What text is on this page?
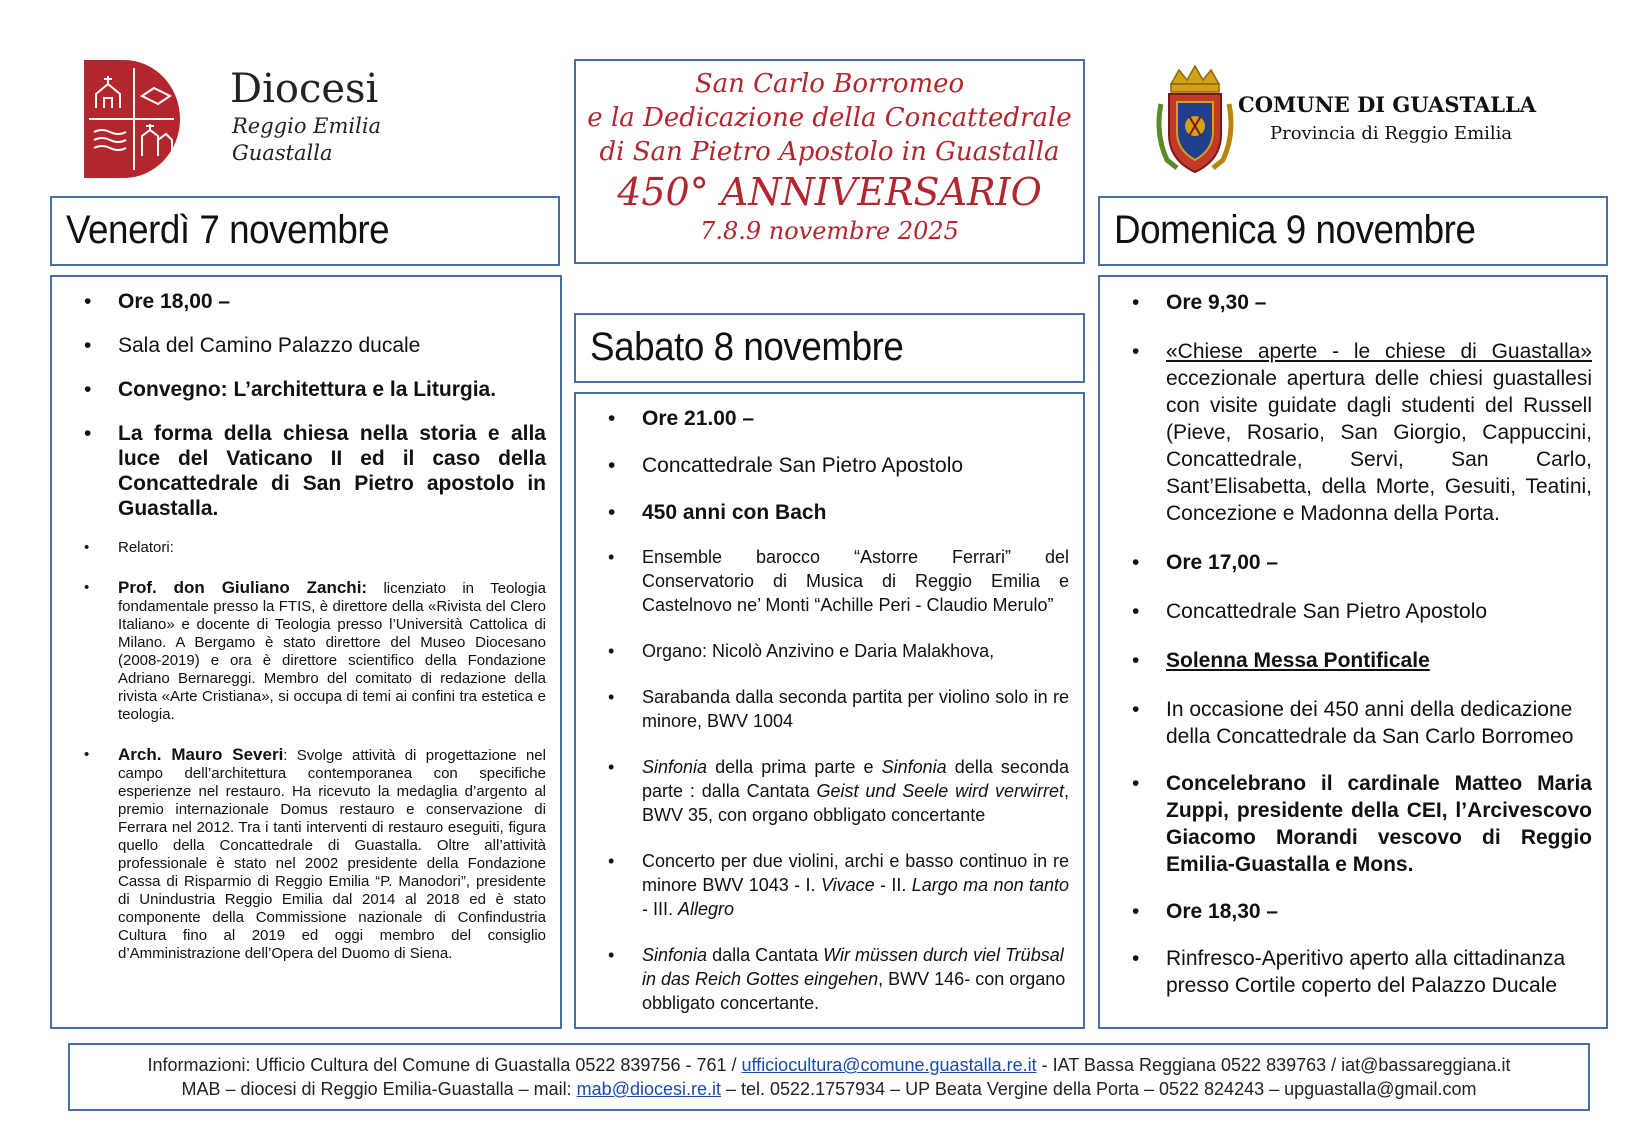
Diocesi
Reggio Emilia
Guastalla
San Carlo Borromeo
e la Dedicazione della Concattedrale
di San Pietro Apostolo in Guastalla
450° ANNIVERSARIO
7.8.9 novembre 2025
COMUNE DI GUASTALLA
Provincia di Reggio Emilia
Venerdì 7 novembre
Sabato 8 novembre
Domenica 9 novembre
• Ore 18,00 –
• Sala del Camino Palazzo ducale
• Convegno: L’architettura e la Liturgia.
• La forma della chiesa nella storia e alla luce del Vaticano II ed il caso della Concattedrale di San Pietro apostolo in Guastalla.
• Relatori:
• Prof. don Giuliano Zanchi: licenziato in Teologia fondamentale presso la FTIS, è direttore della «Rivista del Clero Italiano» e docente di Teologia presso l’Università Cattolica di Milano. A Bergamo è stato direttore del Museo Diocesano (2008-2019) e ora è direttore scientifico della Fondazione Adriano Bernareggi. Membro del comitato di redazione della rivista «Arte Cristiana», si occupa di temi ai confini tra estetica e teologia.
• Arch. Mauro Severi: Svolge attività di progettazione nel campo dell’architettura contemporanea con specifiche esperienze nel restauro. Ha ricevuto la medaglia d’argento al premio internazionale Domus restauro e conservazione di Ferrara nel 2012. Tra i tanti interventi di restauro eseguiti, figura quello della Concattedrale di Guastalla. Oltre all’attività professionale è stato nel 2002 presidente della Fondazione Cassa di Risparmio di Reggio Emilia “P. Manodori”, presidente di Unindustria Reggio Emilia dal 2014 al 2018 ed è stato componente della Commissione nazionale di Confindustria Cultura fino al 2019 ed oggi membro del consiglio d’Amministrazione dell’Opera del Duomo di Siena.
• Ore 21.00 –
• Concattedrale San Pietro Apostolo
• 450 anni con Bach
• Ensemble barocco “Astorre Ferrari” del Conservatorio di Musica di Reggio Emilia e Castelnovo ne’ Monti “Achille Peri - Claudio Merulo”
• Organo: Nicolò Anzivino e Daria Malakhova,
• Sarabanda dalla seconda partita per violino solo in re minore, BWV 1004
• Sinfonia della prima parte e Sinfonia della seconda parte : dalla Cantata Geist und Seele wird verwirret, BWV 35, con organo obbligato concertante
• Concerto per due violini, archi e basso continuo in re minore BWV 1043 - I. Vivace - II. Largo ma non tanto - III. Allegro
• Sinfonia dalla Cantata Wir müssen durch viel Trübsal in das Reich Gottes eingehen, BWV 146- con organo obbligato concertante.
• Ore 9,30 –
• «Chiese aperte - le chiese di Guastalla» eccezionale apertura delle chiesi guastallesi con visite guidate dagli studenti del Russell (Pieve, Rosario, San Giorgio, Cappuccini, Concattedrale, Servi, San Carlo, Sant’Elisabetta, della Morte, Gesuiti, Teatini, Concezione e Madonna della Porta.
• Ore 17,00 –
• Concattedrale San Pietro Apostolo
• Solenna Messa Pontificale
• In occasione dei 450 anni della dedicazione della Concattedrale da San Carlo Borromeo
• Concelebrano il cardinale Matteo Maria Zuppi, presidente della CEI, l’Arcivescovo Giacomo Morandi vescovo di Reggio Emilia-Guastalla e Mons.
• Ore 18,30 –
• Rinfresco-Aperitivo aperto alla cittadinanza presso Cortile coperto del Palazzo Ducale
Informazioni: Ufficio Cultura del Comune di Guastalla 0522 839756 - 761 / ufficiocultura@comune.guastalla.re.it - IAT Bassa Reggiana 0522 839763 / iat@bassareggiana.it
MAB – diocesi di Reggio Emilia-Guastalla – mail: mab@diocesi.re.it – tel. 0522.1757934 – UP Beata Vergine della Porta – 0522 824243 – upguastalla@gmail.com
